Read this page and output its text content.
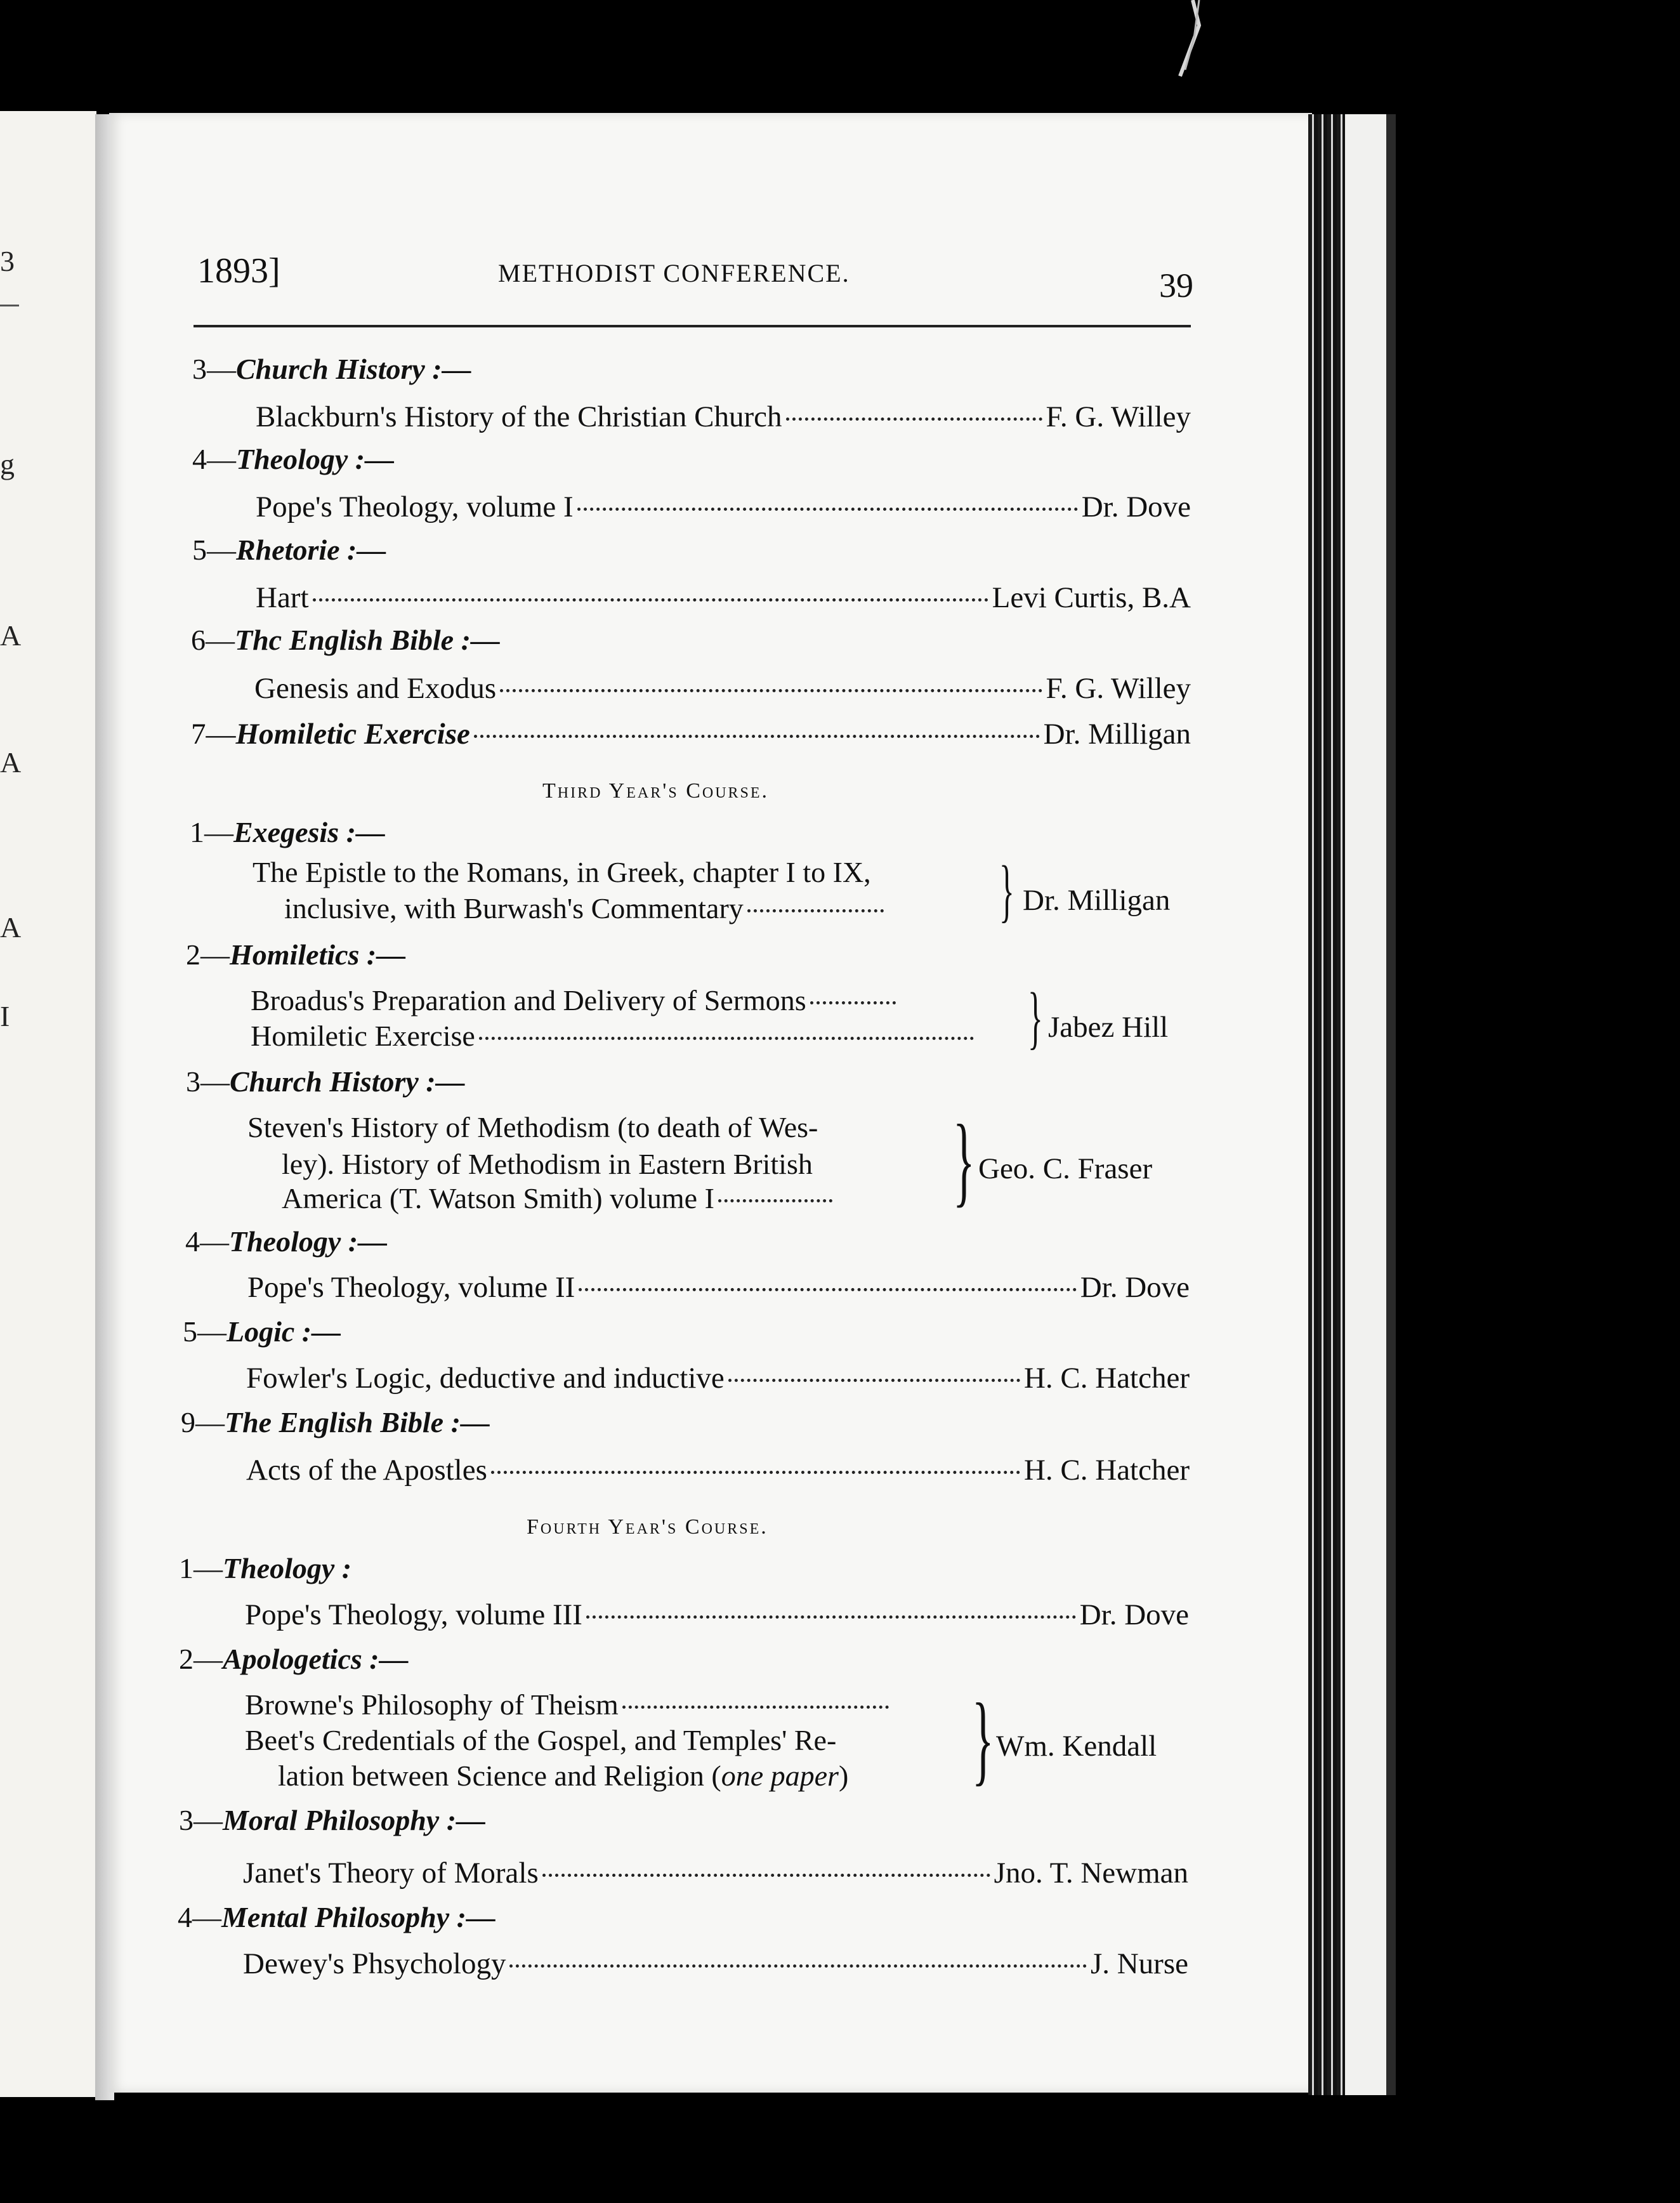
3
g
A
A
A
I
1893]	METHODIST CONFERENCE.	39
3—Church History :—
Blackburn's History of the Christian Church	F. G. Willey
4—Theology :—
Pope's Theology, volume I	Dr. Dove
5—Rhetorie :—
Hart	Levi Curtis, B.A
6—Thc English Bible :—
Genesis and Exodus	F. G. Willey
7— Homiletic Exercise	Dr. Milligan
Third Year's Course.
1—Exegesis :—
The Epistle to the Romans, in Greek, chapter I to IX,
inclusive, with Burwash's Commentary	} Dr. Milligan
2—Homiletics :—
Broadus's Preparation and Delivery of Sermons
Homiletic Exercise	} Jabez Hill
3—Church History :—
Steven's History of Methodism (to death of Wes-
ley). History of Methodism in Eastern British
America (T. Watson Smith) volume I } Geo. C. Fraser
4—Theology :—
Pope's Theology, volume II	Dr. Dove
5—Logic :—
Fowler's Logic, deductive and inductive	H. C. Hatcher
9—The English Bible :—
Acts of the Apostles	H. C. Hatcher
Fourth Year's Course.
1—Theology :
Pope's Theology, volume III	Dr. Dove
2—Apologetics :—
Browne's Philosophy of Theism
Beet's Credentials of the Gospel, and Temples' Re-
lation between Science and Religion ( one paper ) } Wm. Kendall
3—Moral Philosophy :—
Janet's Theory of Morals	Jno. T. Newman
4—Mental Philosophy :—
Dewey's Phsychology	J. Nurse
